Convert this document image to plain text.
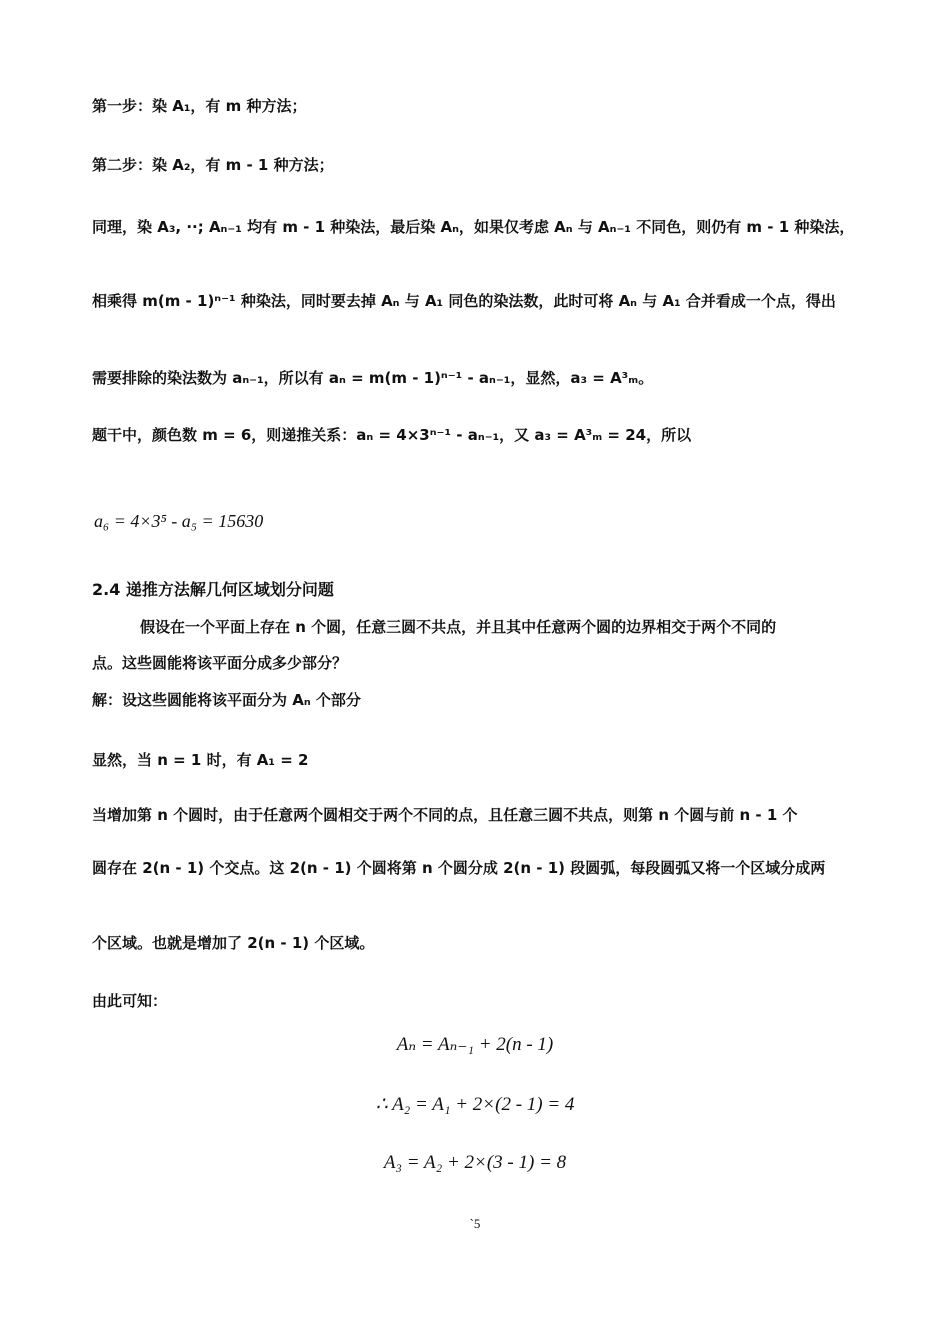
第一步：染 A₁，有 m 种方法；
第二步：染 A₂，有 m - 1 种方法；
同理，染 A₃, ··; Aₙ₋₁ 均有 m - 1 种染法，最后染 Aₙ，如果仅考虑 Aₙ 与 Aₙ₋₁ 不同色，则仍有 m - 1 种染法，
相乘得 m(m - 1)ⁿ⁻¹ 种染法，同时要去掉 Aₙ 与 A₁ 同色的染法数，此时可将 Aₙ 与 A₁ 合并看成一个点，得出
需要排除的染法数为 aₙ₋₁，所以有 aₙ = m(m - 1)ⁿ⁻¹ - aₙ₋₁，显然，a₃ = A³ₘ。
题干中，颜色数 m = 6，则递推关系：aₙ = 4×3ⁿ⁻¹ - aₙ₋₁，又 a₃ = A³ₘ = 24，所以
a₆ = 4×3⁵ - a₅ = 15630
2.4 递推方法解几何区域划分问题
假设在一个平面上存在 n 个圆，任意三圆不共点，并且其中任意两个圆的边界相交于两个不同的
点。这些圆能将该平面分成多少部分？
解：设这些圆能将该平面分为 Aₙ 个部分
显然，当 n = 1 时，有 A₁ = 2
当增加第 n 个圆时，由于任意两个圆相交于两个不同的点，且任意三圆不共点，则第 n 个圆与前 n - 1 个
圆存在 2(n - 1) 个交点。这 2(n - 1) 个圆将第 n 个圆分成 2(n - 1) 段圆弧，每段圆弧又将一个区域分成两
个区域。也就是增加了 2(n - 1) 个区域。
由此可知：
Aₙ = Aₙ₋₁ + 2(n - 1)
∴ A₂ = A₁ + 2×(2 - 1) = 4
A₃ = A₂ + 2×(3 - 1) = 8
`5
